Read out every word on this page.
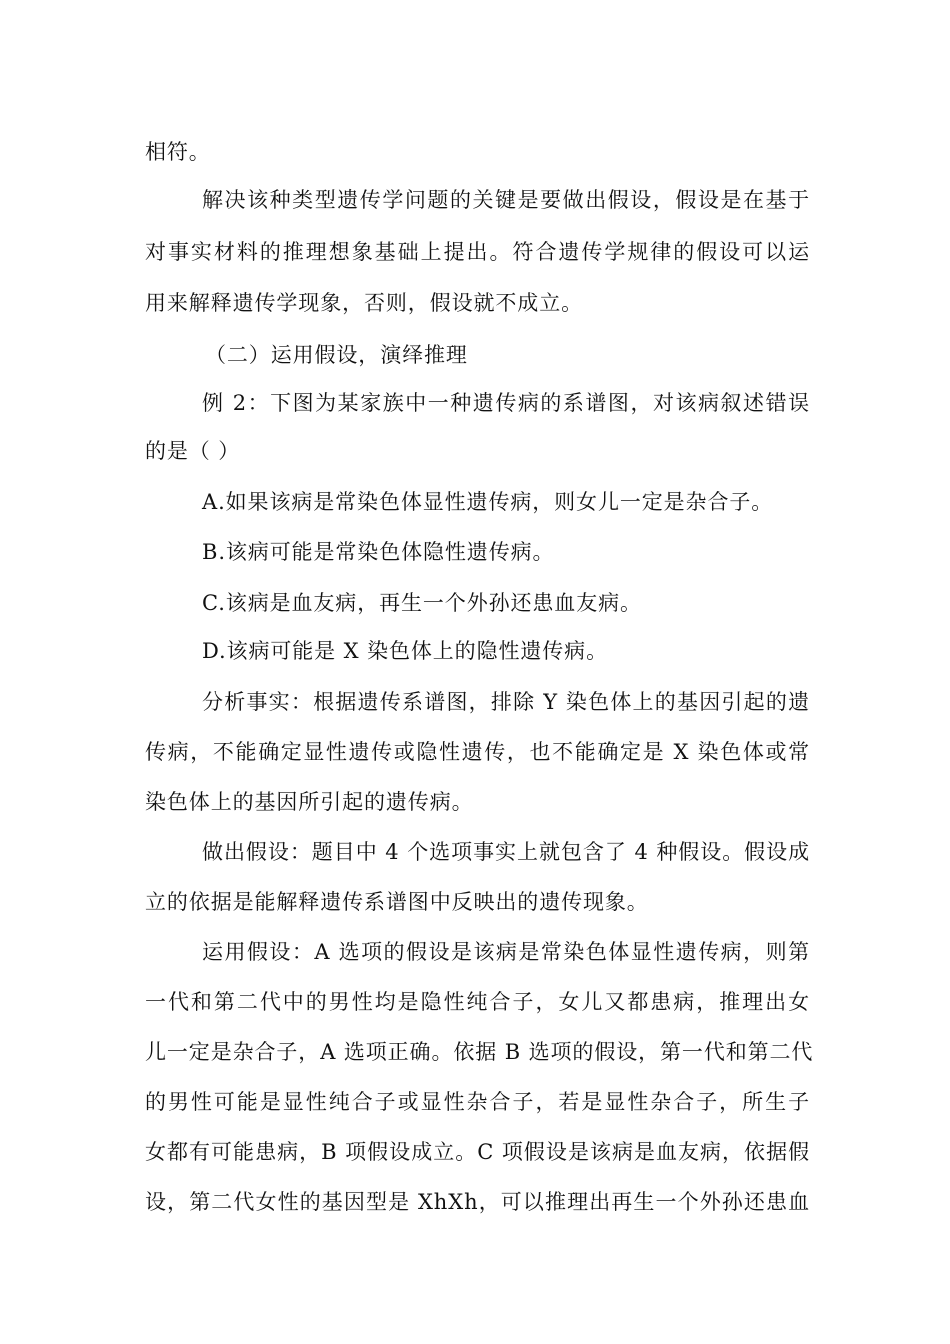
相符。
解决该种类型遗传学问题的关键是要做出假设，假设是在基于
对事实材料的推理想象基础上提出。符合遗传学规律的假设可以运
用来解释遗传学现象，否则，假设就不成立。
（二）运用假设，演绎推理
例 2：下图为某家族中一种遗传病的系谱图，对该病叙述错误
的是（ ）
A.如果该病是常染色体显性遗传病，则女儿一定是杂合子。
B.该病可能是常染色体隐性遗传病。
C.该病是血友病，再生一个外孙还患血友病。
D.该病可能是 X 染色体上的隐性遗传病。
分析事实：根据遗传系谱图，排除 Y 染色体上的基因引起的遗
传病，不能确定显性遗传或隐性遗传，也不能确定是 X 染色体或常
染色体上的基因所引起的遗传病。
做出假设：题目中 4 个选项事实上就包含了 4 种假设。假设成
立的依据是能解释遗传系谱图中反映出的遗传现象。
运用假设：A 选项的假设是该病是常染色体显性遗传病，则第
一代和第二代中的男性均是隐性纯合子，女儿又都患病，推理出女
儿一定是杂合子，A 选项正确。依据 B 选项的假设，第一代和第二代
的男性可能是显性纯合子或显性杂合子，若是显性杂合子，所生子
女都有可能患病，B 项假设成立。C 项假设是该病是血友病，依据假
设，第二代女性的基因型是 XhXh，可以推理出再生一个外孙还患血
